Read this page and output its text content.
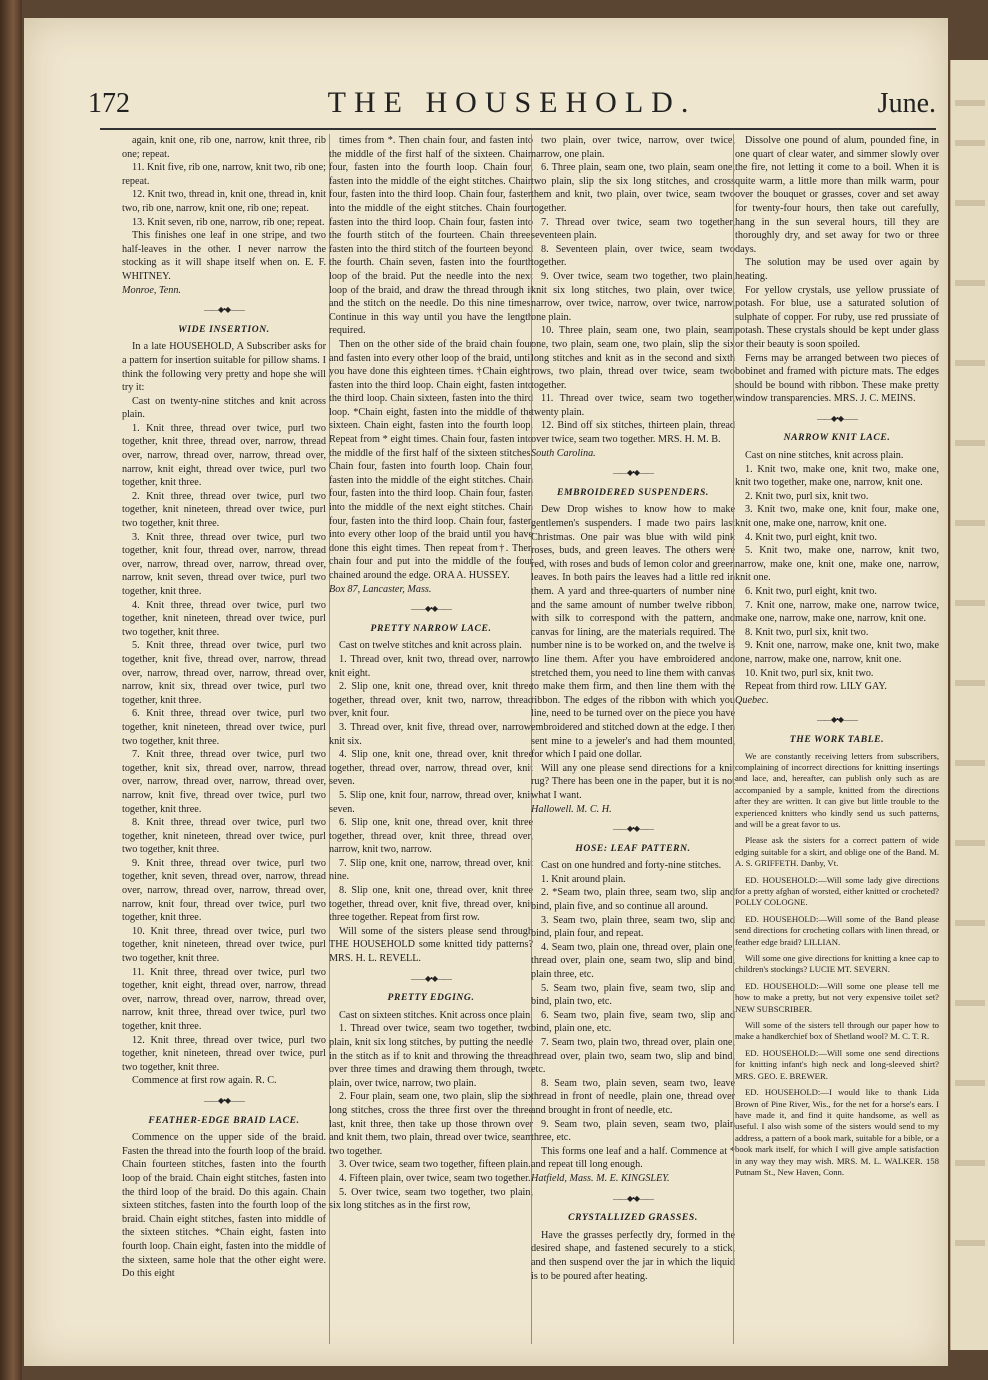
172	THE HOUSEHOLD.	June.

again, knit one, rib one, narrow, knit three, rib one; repeat.

11. Knit five, rib one, narrow, knit two, rib one; repeat.

12. Knit two, thread in, knit one, thread in, knit two, rib one, narrow, knit one, rib one; repeat.

13. Knit seven, rib one, narrow, rib one; repeat.

This finishes one leaf in one stripe, and two half-leaves in the other. I never narrow the stocking as it will shape itself when on. E. F. WHITNEY.

Monroe, Tenn.

——◆•◆——

WIDE INSERTION.

In a late HOUSEHOLD, A Subscriber asks for a pattern for insertion suitable for pillow shams. I think the following very pretty and hope she will try it:

Cast on twenty-nine stitches and knit across plain.

1. Knit three, thread over twice, purl two together, knit three, thread over, narrow, thread over, narrow, thread over, narrow, thread over, narrow, knit eight, thread over twice, purl two together, knit three.

2. Knit three, thread over twice, purl two together, knit nineteen, thread over twice, purl two together, knit three.

3. Knit three, thread over twice, purl two together, knit four, thread over, narrow, thread over, narrow, thread over, narrow, thread over, narrow, knit seven, thread over twice, purl two together, knit three.

4. Knit three, thread over twice, purl two together, knit nineteen, thread over twice, purl two together, knit three.

5. Knit three, thread over twice, purl two together, knit five, thread over, narrow, thread over, narrow, thread over, narrow, thread over, narrow, knit six, thread over twice, purl two together, knit three.

6. Knit three, thread over twice, purl two together, knit nineteen, thread over twice, purl two together, knit three.

7. Knit three, thread over twice, purl two together, knit six, thread over, narrow, thread over, narrow, thread over, narrow, thread over, narrow, knit five, thread over twice, purl two together, knit three.

8. Knit three, thread over twice, purl two together, knit nineteen, thread over twice, purl two together, knit three.

9. Knit three, thread over twice, purl two together, knit seven, thread over, narrow, thread over, narrow, thread over, narrow, thread over, narrow, knit four, thread over twice, purl two together, knit three.

10. Knit three, thread over twice, purl two together, knit nineteen, thread over twice, purl two together, knit three.

11. Knit three, thread over twice, purl two together, knit eight, thread over, narrow, thread over, narrow, thread over, narrow, thread over, narrow, knit three, thread over twice, purl two together, knit three.

12. Knit three, thread over twice, purl two together, knit nineteen, thread over twice, purl two together, knit three.

Commence at first row again. R. C.

——◆•◆——

FEATHER-EDGE BRAID LACE.

Commence on the upper side of the braid. Fasten the thread into the fourth loop of the braid. Chain fourteen stitches, fasten into the fourth loop of the braid. Chain eight stitches, fasten into the third loop of the braid. Do this again. Chain sixteen stitches, fasten into the fourth loop of the braid. Chain eight stitches, fasten into middle of the sixteen stitches. *Chain eight, fasten into fourth loop. Chain eight, fasten into the middle of the sixteen, same hole that the other eight were. Do this eight

times from *. Then chain four, and fasten into the middle of the first half of the sixteen. Chain four, fasten into the fourth loop. Chain four, fasten into the middle of the eight stitches. Chain four, fasten into the third loop. Chain four, fasten into the middle of the eight stitches. Chain four, fasten into the third loop. Chain four, fasten into the fourth stitch of the fourteen. Chain three, fasten into the third stitch of the fourteen beyond the fourth. Chain seven, fasten into the fourth loop of the braid. Put the needle into the next loop of the braid, and draw the thread through it and the stitch on the needle. Do this nine times. Continue in this way until you have the length required.

Then on the other side of the braid chain four and fasten into every other loop of the braid, until you have done this eighteen times. †Chain eight, fasten into the third loop. Chain eight, fasten into the third loop. Chain sixteen, fasten into the third loop. *Chain eight, fasten into the middle of the sixteen. Chain eight, fasten into the fourth loop. Repeat from * eight times. Chain four, fasten into the middle of the first half of the sixteen stitches. Chain four, fasten into fourth loop. Chain four, fasten into the middle of the eight stitches. Chain four, fasten into the third loop. Chain four, fasten into the middle of the next eight stitches. Chain four, fasten into the third loop. Chain four, fasten into every other loop of the braid until you have done this eight times. Then repeat from†. Then chain four and put into the middle of the four chained around the edge. ORA A. HUSSEY.

Box 87, Lancaster, Mass.

——◆•◆——

PRETTY NARROW LACE.

Cast on twelve stitches and knit across plain.

1. Thread over, knit two, thread over, narrow, knit eight.

2. Slip one, knit one, thread over, knit three together, thread over, knit two, narrow, thread over, knit four.

3. Thread over, knit five, thread over, narrow, knit six.

4. Slip one, knit one, thread over, knit three together, thread over, narrow, thread over, knit seven.

5. Slip one, knit four, narrow, thread over, knit seven.

6. Slip one, knit one, thread over, knit three together, thread over, knit three, thread over, narrow, knit two, narrow.

7. Slip one, knit one, narrow, thread over, knit nine.

8. Slip one, knit one, thread over, knit three together, thread over, knit five, thread over, knit three together. Repeat from first row.

Will some of the sisters please send through THE HOUSEHOLD some knitted tidy patterns? MRS. H. L. REVELL.

——◆•◆——

PRETTY EDGING.

Cast on sixteen stitches. Knit across once plain.

1. Thread over twice, seam two together, two plain, knit six long stitches, by putting the needle in the stitch as if to knit and throwing the thread over three times and drawing them through, two plain, over twice, narrow, two plain.

2. Four plain, seam one, two plain, slip the six long stitches, cross the three first over the three last, knit three, then take up those thrown over and knit them, two plain, thread over twice, seam two together.

3. Over twice, seam two together, fifteen plain.

4. Fifteen plain, over twice, seam two together.

5. Over twice, seam two together, two plain, six long stitches as in the first row,

two plain, over twice, narrow, over twice, narrow, one plain.

6. Three plain, seam one, two plain, seam one, two plain, slip the six long stitches, and cross them and knit, two plain, over twice, seam two together.

7. Thread over twice, seam two together, seventeen plain.

8. Seventeen plain, over twice, seam two together.

9. Over twice, seam two together, two plain, knit six long stitches, two plain, over twice, narrow, over twice, narrow, over twice, narrow, one plain.

10. Three plain, seam one, two plain, seam one, two plain, seam one, two plain, slip the six long stitches and knit as in the second and sixth rows, two plain, thread over twice, seam two together.

11. Thread over twice, seam two together, twenty plain.

12. Bind off six stitches, thirteen plain, thread over twice, seam two together. MRS. H. M. B.

South Carolina.

——◆•◆——

EMBROIDERED SUSPENDERS.

Dew Drop wishes to know how to make gentlemen's suspenders. I made two pairs last Christmas. One pair was blue with wild pink roses, buds, and green leaves. The others were red, with roses and buds of lemon color and green leaves. In both pairs the leaves had a little red in them. A yard and three-quarters of number nine and the same amount of number twelve ribbon, with silk to correspond with the pattern, and canvas for lining, are the materials required. The number nine is to be worked on, and the twelve is to line them. After you have embroidered and stretched them, you need to line them with canvas to make them firm, and then line them with the ribbon. The edges of the ribbon with which you line, need to be turned over on the piece you have embroidered and stitched down at the edge. I then sent mine to a jeweler's and had them mounted, for which I paid one dollar.

Will any one please send directions for a knit rug? There has been one in the paper, but it is not what I want.

Hallowell. M. C. H.

——◆•◆——

HOSE: LEAF PATTERN.

Cast on one hundred and forty-nine stitches.

1. Knit around plain.

2. *Seam two, plain three, seam two, slip and bind, plain five, and so continue all around.

3. Seam two, plain three, seam two, slip and bind, plain four, and repeat.

4. Seam two, plain one, thread over, plain one, thread over, plain one, seam two, slip and bind, plain three, etc.

5. Seam two, plain five, seam two, slip and bind, plain two, etc.

6. Seam two, plain five, seam two, slip and bind, plain one, etc.

7. Seam two, plain two, thread over, plain one, thread over, plain two, seam two, slip and bind, etc.

8. Seam two, plain seven, seam two, leave thread in front of needle, plain one, thread over and brought in front of needle, etc.

9. Seam two, plain seven, seam two, plain three, etc.

This forms one leaf and a half. Commence at * and repeat till long enough.

Hatfield, Mass. M. E. KINGSLEY.

——◆•◆——

CRYSTALLIZED GRASSES.

Have the grasses perfectly dry, formed in the desired shape, and fastened securely to a stick, and then suspend over the jar in which the liquid is to be poured after heating.

Dissolve one pound of alum, pounded fine, in one quart of clear water, and simmer slowly over the fire, not letting it come to a boil. When it is quite warm, a little more than milk warm, pour over the bouquet or grasses, cover and set away for twenty-four hours, then take out carefully, hang in the sun several hours, till they are thoroughly dry, and set away for two or three days.

The solution may be used over again by heating.

For yellow crystals, use yellow prussiate of potash. For blue, use a saturated solution of sulphate of copper. For ruby, use red prussiate of potash. These crystals should be kept under glass or their beauty is soon spoiled.

Ferns may be arranged between two pieces of bobinet and framed with picture mats. The edges should be bound with ribbon. These make pretty window transparencies. MRS. J. C. MEINS.

——◆•◆——

NARROW KNIT LACE.

Cast on nine stitches, knit across plain.

1. Knit two, make one, knit two, make one, knit two together, make one, narrow, knit one.

2. Knit two, purl six, knit two.

3. Knit two, make one, knit four, make one, knit one, make one, narrow, knit one.

4. Knit two, purl eight, knit two.

5. Knit two, make one, narrow, knit two, narrow, make one, knit one, make one, narrow, knit one.

6. Knit two, purl eight, knit two.

7. Knit one, narrow, make one, narrow twice, make one, narrow, make one, narrow, knit one.

8. Knit two, purl six, knit two.

9. Knit one, narrow, make one, knit two, make one, narrow, make one, narrow, knit one.

10. Knit two, purl six, knit two.

Repeat from third row. LILY GAY.

Quebec.

——◆•◆——

THE WORK TABLE.

We are constantly receiving letters from subscribers, complaining of incorrect directions for knitting insertings and lace, and, hereafter, can publish only such as are accompanied by a sample, knitted from the directions after they are written. It can give but little trouble to the experienced knitters who kindly send us such patterns, and will be a great favor to us.

Please ask the sisters for a correct pattern of wide edging suitable for a skirt, and oblige one of the Band. M. A. S. GRIFFETH. Danby, Vt.

ED. HOUSEHOLD:—Will some lady give directions for a pretty afghan of worsted, either knitted or crocheted? POLLY COLOGNE.

ED. HOUSEHOLD:—Will some of the Band please send directions for crocheting collars with linen thread, or feather edge braid? LILLIAN.

Will some one give directions for knitting a knee cap to children's stockings? LUCIE MT. SEVERN.

ED. HOUSEHOLD:—Will some one please tell me how to make a pretty, but not very expensive toilet set? NEW SUBSCRIBER.

Will some of the sisters tell through our paper how to make a handkerchief box of Shetland wool? M. C. T. R.

ED. HOUSEHOLD:—Will some one send directions for knitting infant's high neck and long-sleeved shirt? MRS. GEO. E. BREWER.

ED. HOUSEHOLD:—I would like to thank Lida Brown of Pine River, Wis., for the net for a horse's ears. I have made it, and find it quite handsome, as well as useful. I also wish some of the sisters would send to my address, a pattern of a book mark, suitable for a bible, or a book mark itself, for which I will give ample satisfaction in any way they may wish. MRS. M. L. WALKER. 158 Putnam St., New Haven, Conn.
